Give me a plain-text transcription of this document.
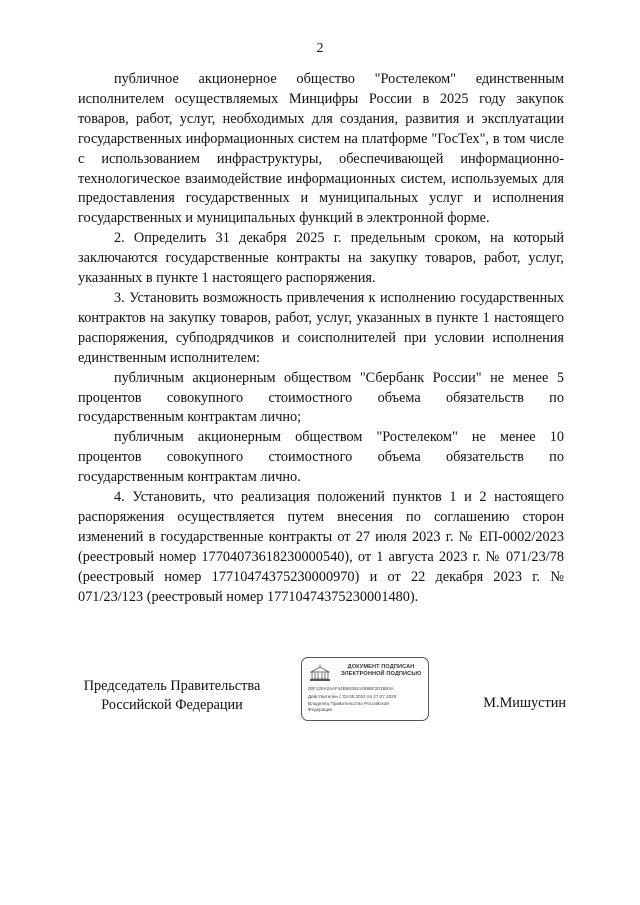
2

публичное акционерное общество "Ростелеком" единственным исполнителем осуществляемых Минцифры России в 2025 году закупок товаров, работ, услуг, необходимых для создания, развития и эксплуатации государственных информационных систем на платформе "ГосТех", в том числе с использованием инфраструктуры, обеспечивающей информационно-технологическое взаимодействие информационных систем, используемых для предоставления государственных и муниципальных услуг и исполнения государственных и муниципальных функций в электронной форме.

2. Определить 31 декабря 2025 г. предельным сроком, на который заключаются государственные контракты на закупку товаров, работ, услуг, указанных в пункте 1 настоящего распоряжения.

3. Установить возможность привлечения к исполнению государственных контрактов на закупку товаров, работ, услуг, указанных в пункте 1 настоящего распоряжения, субподрядчиков и соисполнителей при условии исполнения единственным исполнителем:

публичным акционерным обществом "Сбербанк России" не менее 5 процентов совокупного стоимостного объема обязательств по государственным контрактам лично;

публичным акционерным обществом "Ростелеком" не менее 10 процентов совокупного стоимостного объема обязательств по государственным контрактам лично.

4. Установить, что реализация положений пунктов 1 и 2 настоящего распоряжения осуществляется путем внесения по соглашению сторон изменений в государственные контракты от 27 июля 2023 г. № ЕП-0002/2023 (реестровый номер 17704073618230000540), от 1 августа 2023 г. № 071/23/78 (реестровый номер 17710474375230000970) и от 22 декабря 2023 г. № 071/23/123 (реестровый номер 17710474375230001480).

Председатель Правительства
Российской Федерации
ДОКУМЕНТ ПОДПИСАН
ЭЛЕКТРОННОЙ ПОДПИСЬЮ
00F129A24AF44B6E6911489BF201B63A
Действителен с 03.05.2024 по 27.07.2025
Владелец Правительство Российской
Федерации	М.Мишустин
